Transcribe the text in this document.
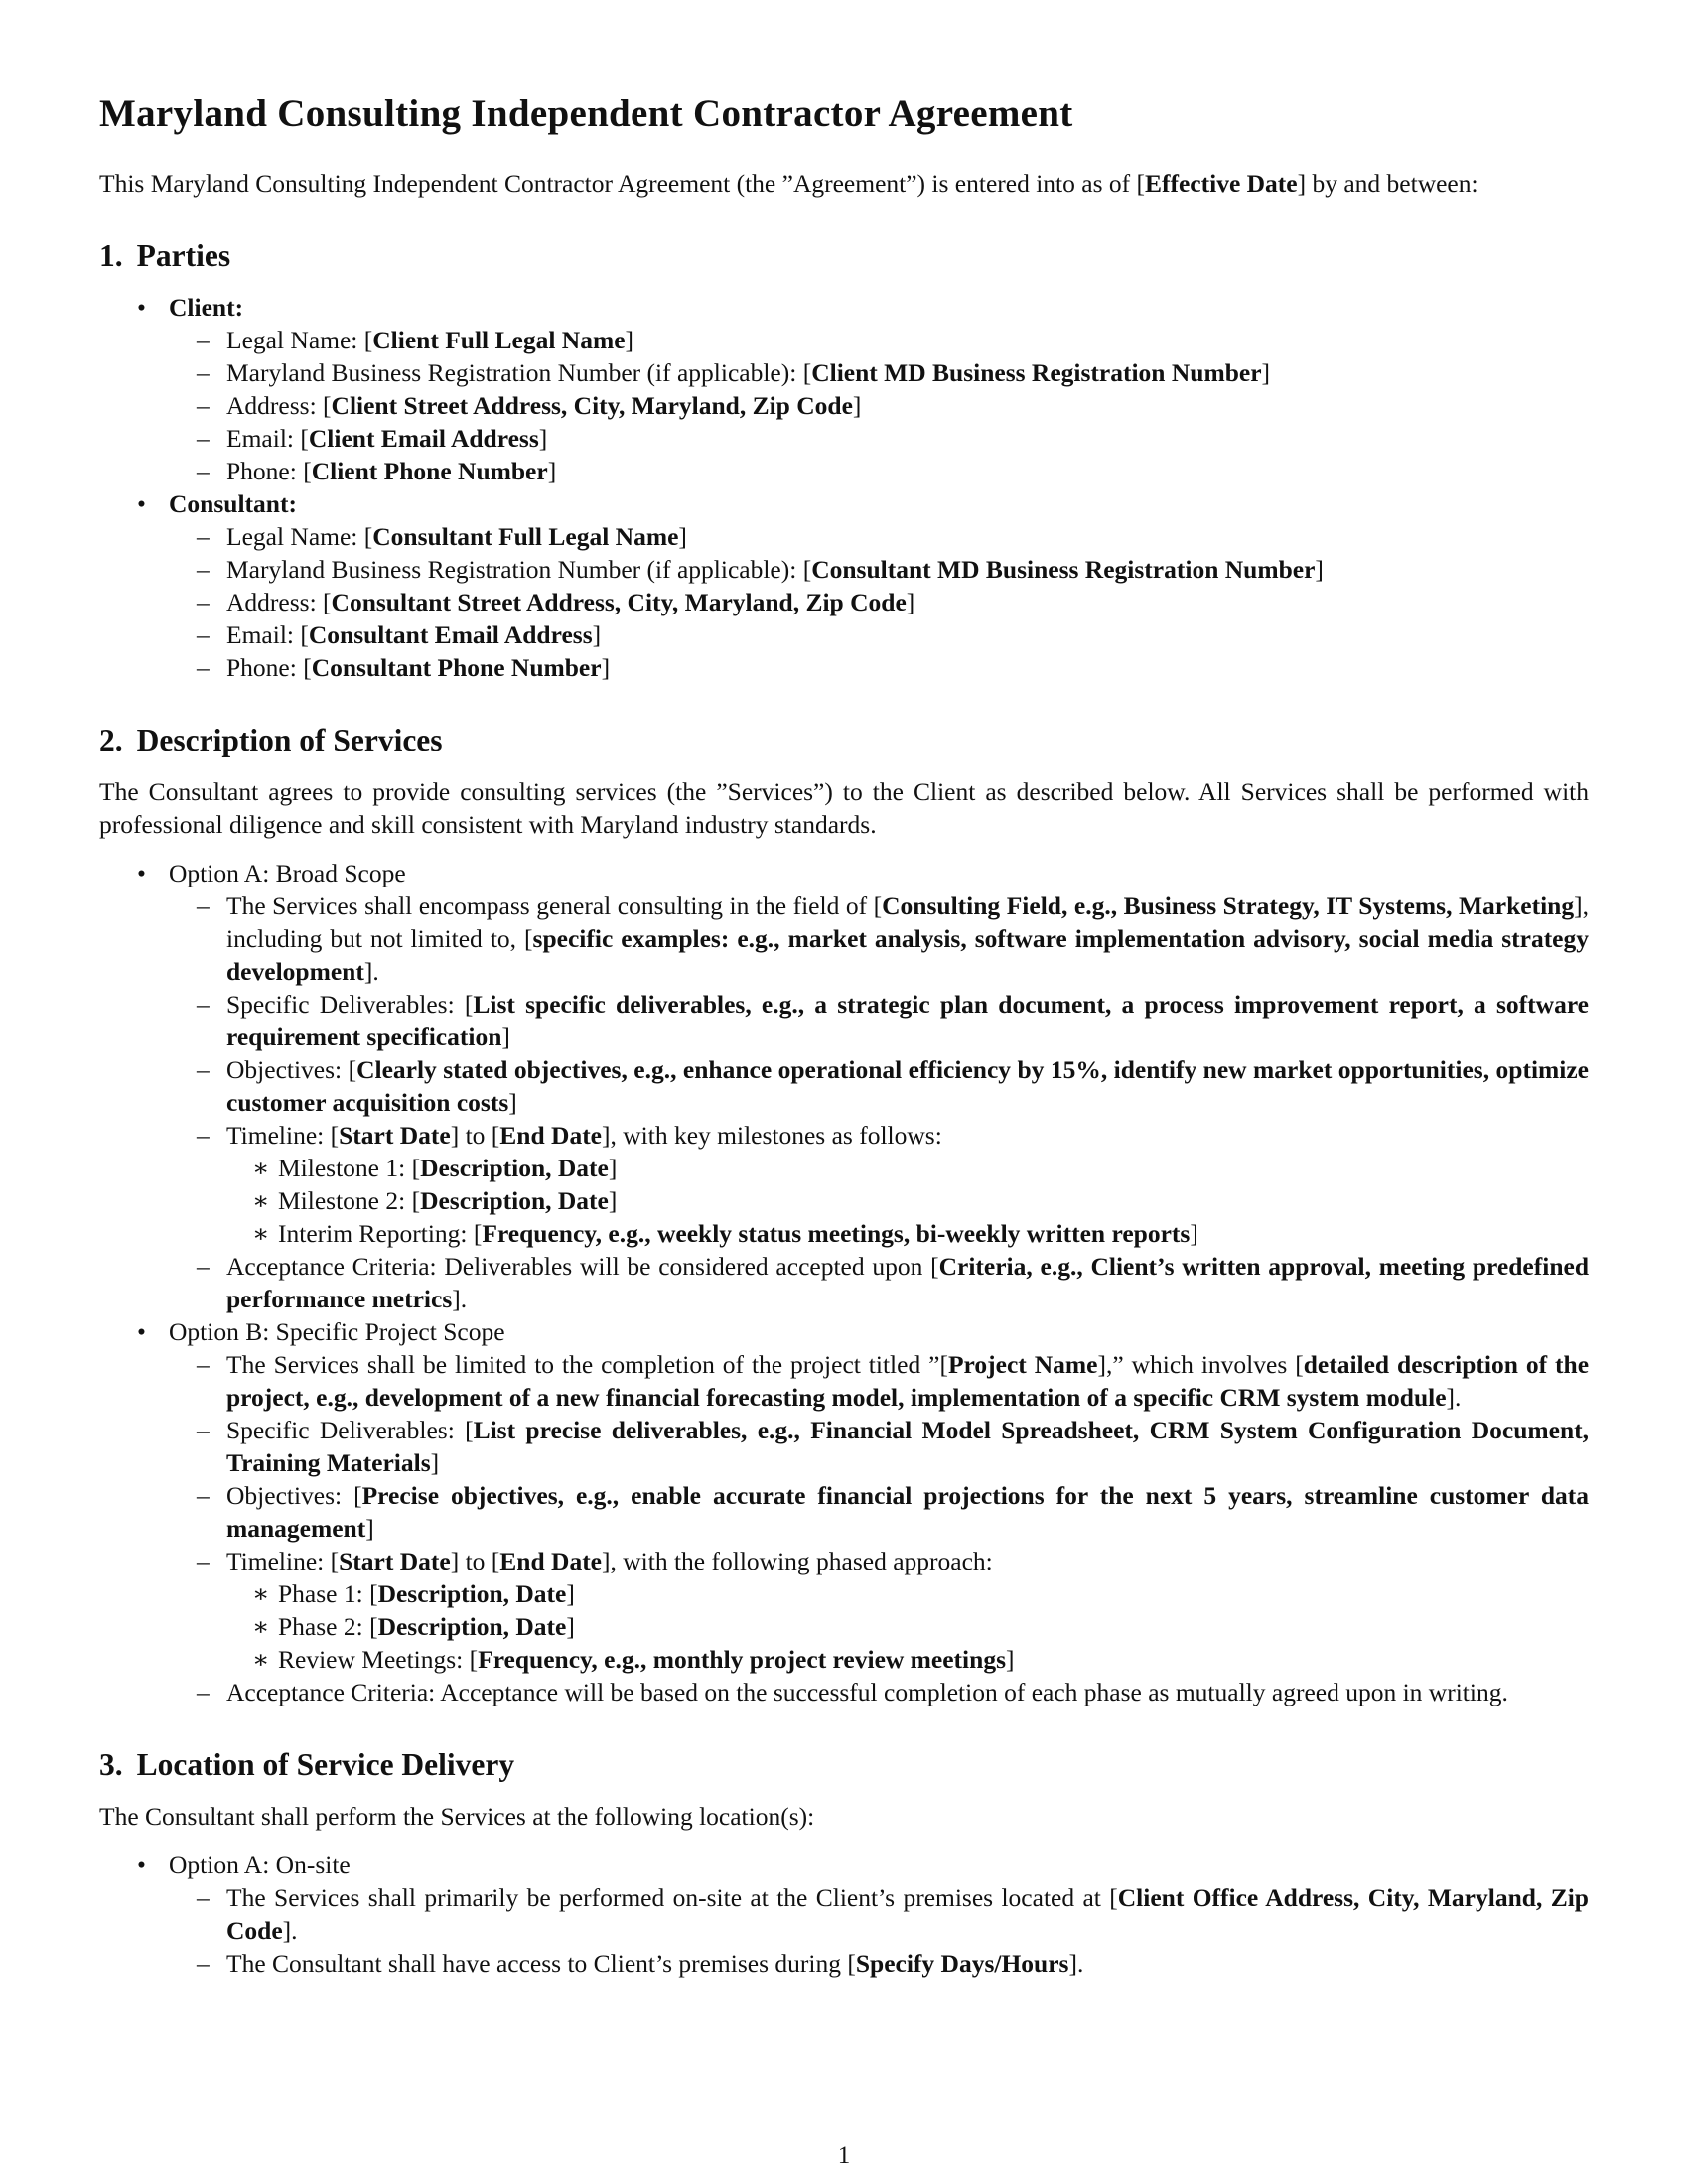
Maryland Consulting Independent Contractor Agreement

This Maryland Consulting Independent Contractor Agreement (the ”Agreement”) is entered into as of [Effective Date] by and between:

1. Parties
• Client:
– Legal Name: [Client Full Legal Name]
– Maryland Business Registration Number (if applicable): [Client MD Business Registration Number]
– Address: [Client Street Address, City, Maryland, Zip Code]
– Email: [Client Email Address]
– Phone: [Client Phone Number]
• Consultant:
– Legal Name: [Consultant Full Legal Name]
– Maryland Business Registration Number (if applicable): [Consultant MD Business Registration Number]
– Address: [Consultant Street Address, City, Maryland, Zip Code]
– Email: [Consultant Email Address]
– Phone: [Consultant Phone Number]
2. Description of Services

The Consultant agrees to provide consulting services (the ”Services”) to the Client as described below. All Services shall be performed with professional diligence and skill consistent with Maryland industry standards.

• Option A: Broad Scope
– The Services shall encompass general consulting in the field of [Consulting Field, e.g., Business Strategy, IT Systems, Marketing], including but not limited to, [specific examples: e.g., market analysis, software implementation advisory, social media strategy development].
– Specific Deliverables: [List specific deliverables, e.g., a strategic plan document, a process improvement report, a software requirement specification]
– Objectives: [Clearly stated objectives, e.g., enhance operational efficiency by 15%, identify new market opportunities, optimize customer acquisition costs]
– Timeline: [Start Date] to [End Date], with key milestones as follows:
∗ Milestone 1: [Description, Date]
∗ Milestone 2: [Description, Date]
∗ Interim Reporting: [Frequency, e.g., weekly status meetings, bi-weekly written reports]
– Acceptance Criteria: Deliverables will be considered accepted upon [Criteria, e.g., Client’s written approval, meeting predefined performance metrics].
• Option B: Specific Project Scope
– The Services shall be limited to the completion of the project titled ”[Project Name],” which involves [detailed description of the project, e.g., development of a new financial forecasting model, implementation of a specific CRM system module].
– Specific Deliverables: [List precise deliverables, e.g., Financial Model Spreadsheet, CRM System Configuration Document, Training Materials]
– Objectives: [Precise objectives, e.g., enable accurate financial projections for the next 5 years, streamline customer data management]
– Timeline: [Start Date] to [End Date], with the following phased approach:
∗ Phase 1: [Description, Date]
∗ Phase 2: [Description, Date]
∗ Review Meetings: [Frequency, e.g., monthly project review meetings]
– Acceptance Criteria: Acceptance will be based on the successful completion of each phase as mutually agreed upon in writing.
3. Location of Service Delivery

The Consultant shall perform the Services at the following location(s):

• Option A: On-site
– The Services shall primarily be performed on-site at the Client’s premises located at [Client Office Address, City, Maryland, Zip Code].
– The Consultant shall have access to Client’s premises during [Specify Days/Hours].
1
